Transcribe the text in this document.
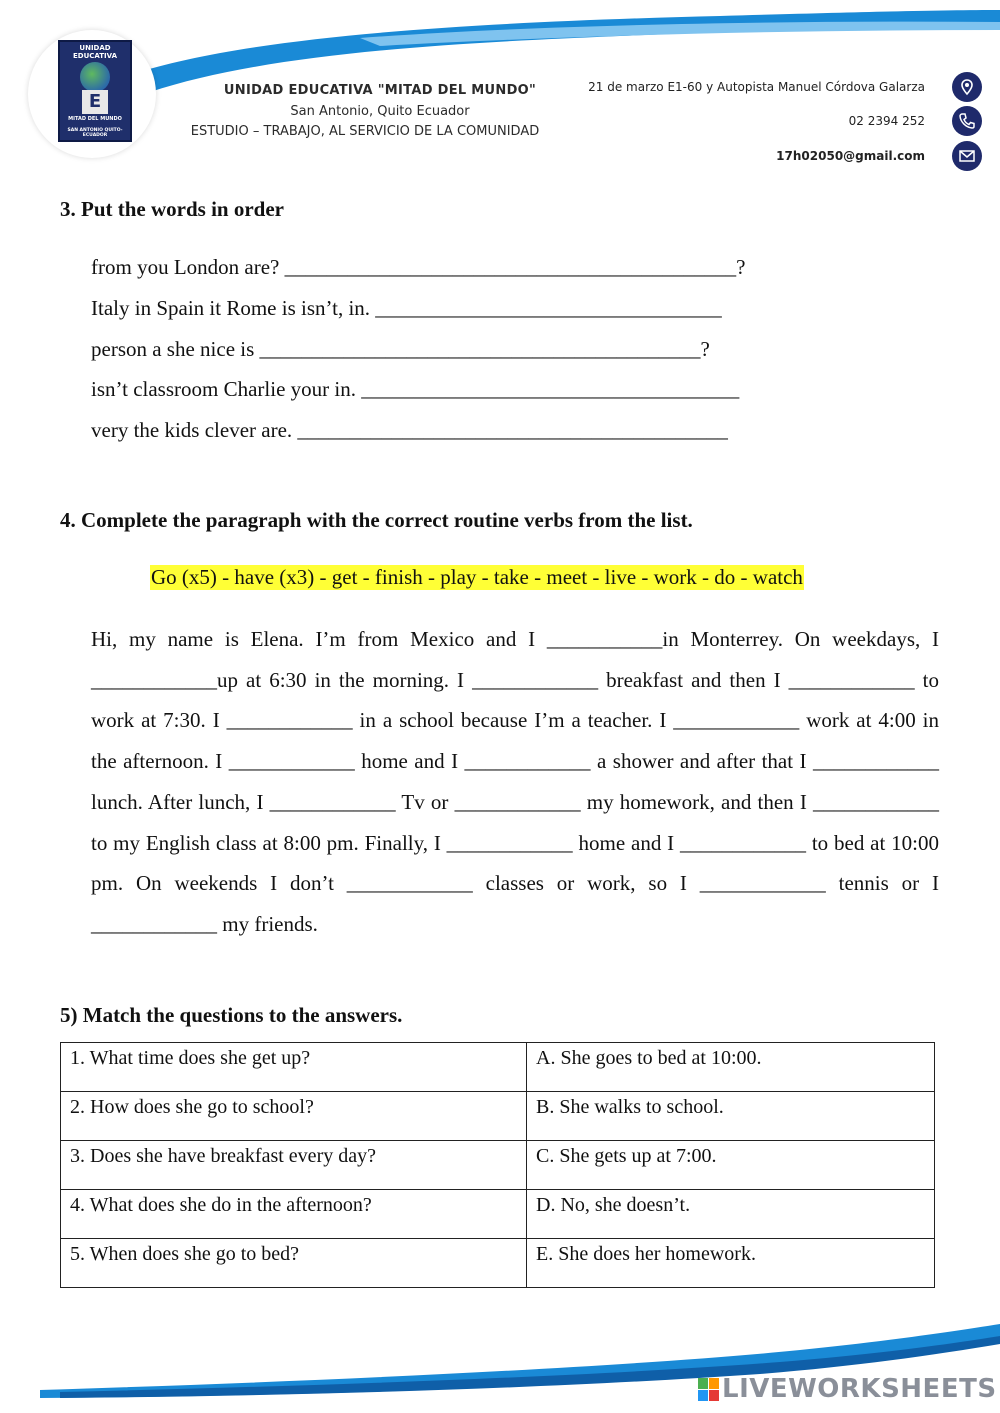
UNIDAD EDUCATIVA
E
MITAD DEL MUNDO
SAN ANTONIO QUITO-ECUADOR
UNIDAD EDUCATIVA "MITAD DEL MUNDO"
San Antonio, Quito Ecuador
ESTUDIO – TRABAJO, AL SERVICIO DE LA COMUNIDAD
21 de marzo E1-60 y Autopista Manuel Córdova Galarza
02 2394 252
17h02050@gmail.com
3. Put the words in order
from you London are? ___________________________________________?
Italy in Spain it Rome is isn’t, in. _________________________________
person a she nice is __________________________________________?
isn’t classroom Charlie your in. ____________________________________
very the kids clever are. _________________________________________
4. Complete the paragraph with the correct routine verbs from the list.
Go (x5) - have (x3) - get - finish - play - take - meet - live - work - do - watch
Hi, my name is Elena. I’m from Mexico and I ___________in Monterrey. On weekdays, I ____________up at 6:30 in the morning. I ____________ breakfast and then I ____________ to work at 7:30. I ____________ in a school because I’m a teacher. I ____________ work at 4:00 in the afternoon. I ____________ home and I ____________ a shower and after that I ____________ lunch. After lunch, I ____________ Tv or ____________ my homework, and then I ____________ to my English class at 8:00 pm. Finally, I ____________ home and I ____________ to bed at 10:00 pm. On weekends I don’t ____________ classes or work, so I ____________ tennis or I ____________ my friends.
5) Match the questions to the answers.
1. What time does she get up?	A. She goes to bed at 10:00.
2. How does she go to school?	B. She walks to school.
3. Does she have breakfast every day?	C. She gets up at 7:00.
4. What does she do in the afternoon?	D. No, she doesn’t.
5. When does she go to bed?	E. She does her homework.
LIVEWORKSHEETS
